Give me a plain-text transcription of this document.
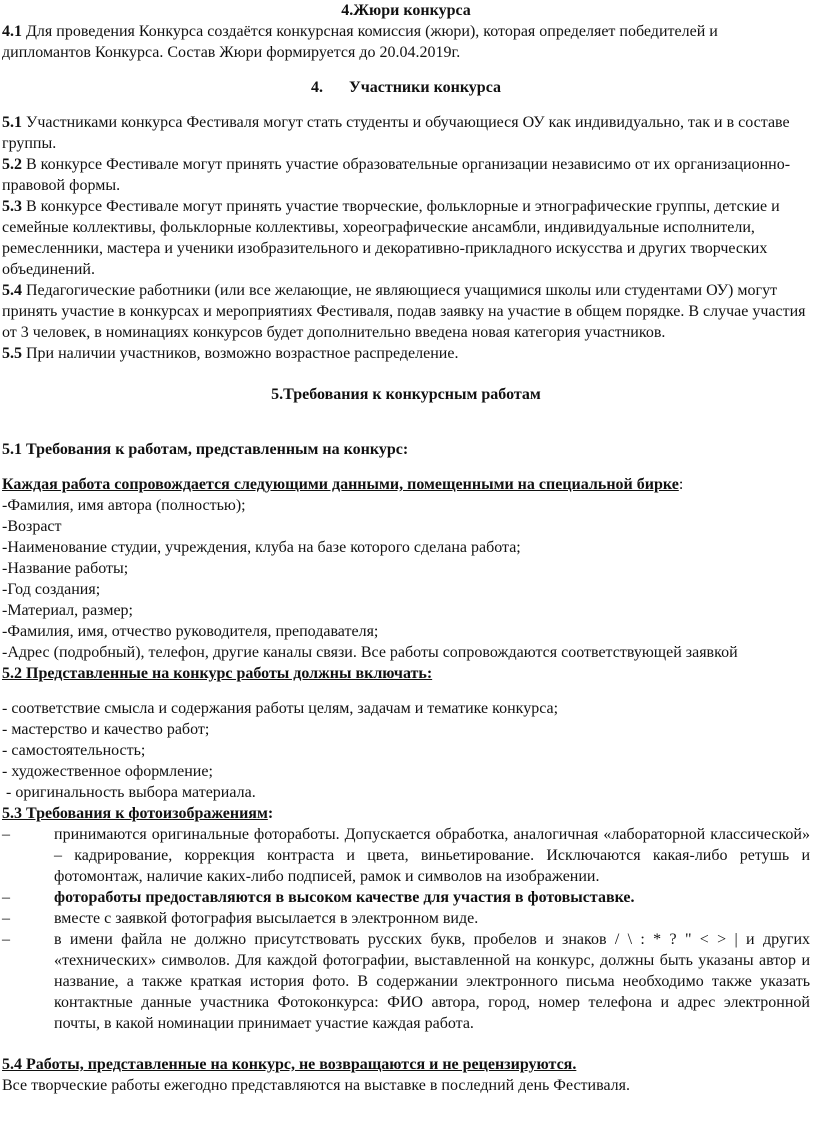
4.Жюри конкурса

4.1 Для проведения Конкурса создаётся конкурсная комиссия (жюри), которая определяет победителей и дипломантов Конкурса. Состав Жюри формируется до 20.04.2019г.

4. Участники конкурса

5.1 Участниками конкурса Фестиваля могут стать студенты и обучающиеся ОУ как индивидуально, так и в составе группы.

5.2 В конкурсе Фестивале могут принять участие образовательные организации независимо от их организационно-правовой формы.

5.3 В конкурсе Фестивале могут принять участие творческие, фольклорные и этнографические группы, детские и семейные коллективы, фольклорные коллективы, хореографические ансамбли, индивидуальные исполнители, ремесленники, мастера и ученики изобразительного и декоративно-прикладного искусства и других творческих объединений.

5.4 Педагогические работники (или все желающие, не являющиеся учащимися школы или студентами ОУ) могут принять участие в конкурсах и мероприятиях Фестиваля, подав заявку на участие в общем порядке. В случае участия от 3 человек, в номинациях конкурсов будет дополнительно введена новая категория участников.

5.5 При наличии участников, возможно возрастное распределение.

5.Требования к конкурсным работам

5.1 Требования к работам, представленным на конкурс:

Каждая работа сопровождается следующими данными, помещенными на специальной бирке:

-Фамилия, имя автора (полностью);

-Возраст

-Наименование студии, учреждения, клуба на базе которого сделана работа;

-Название работы;

-Год создания;

-Материал, размер;

-Фамилия, имя, отчество руководителя, преподавателя;

-Адрес (подробный), телефон, другие каналы связи. Все работы сопровождаются соответствующей заявкой

5.2 Представленные на конкурс работы должны включать:

- соответствие смысла и содержания работы целям, задачам и тематике конкурса;

- мастерство и качество работ;

- самостоятельность;

- художественное оформление;

- оригинальность выбора материала.

5.3 Требования к фотоизображениям:

–	принимаются оригинальные фотоработы. Допускается обработка, аналогичная «лабораторной классической» – кадрирование, коррекция контраста и цвета, виньетирование. Исключаются какая-либо ретушь и фотомонтаж, наличие каких-либо подписей, рамок и символов на изображении.
–	фотоработы предоставляются в высоком качестве для участия в фотовыставке.
–	вместе с заявкой фотография высылается в электронном виде.
–	в имени файла не должно присутствовать русских букв, пробелов и знаков / \ : * ? " < > | и других «технических» символов. Для каждой фотографии, выставленной на конкурс, должны быть указаны автор и название, а также краткая история фото. В содержании электронного письма необходимо также указать контактные данные участника Фотоконкурса: ФИО автора, город, номер телефона и адрес электронной почты, в какой номинации принимает участие каждая работа.

5.4 Работы, представленные на конкурс, не возвращаются и не рецензируются.

Все творческие работы ежегодно представляются на выставке в последний день Фестиваля.
